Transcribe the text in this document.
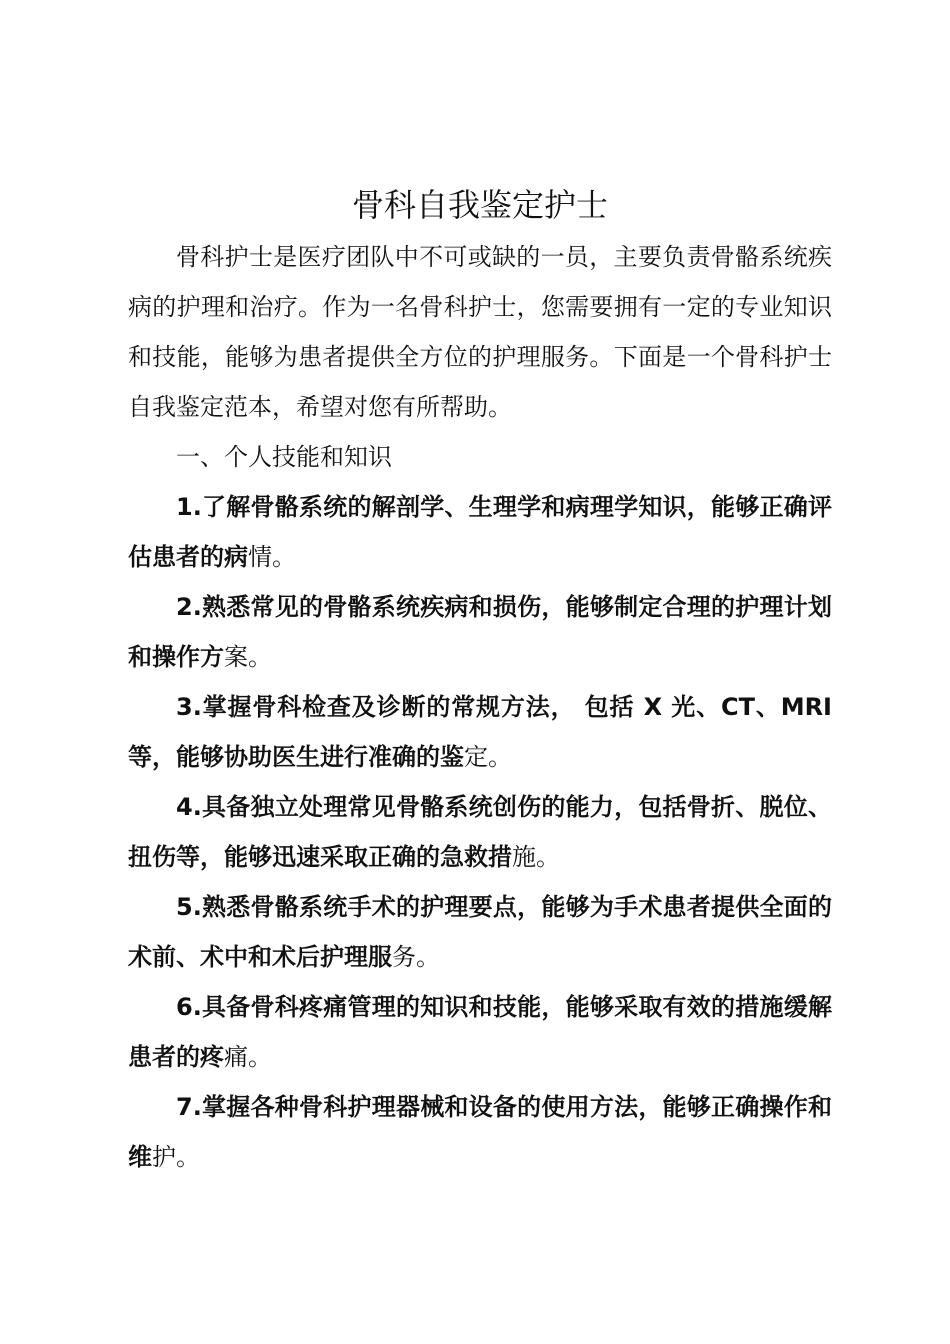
骨科自我鉴定护士

骨科护士是医疗团队中不可或缺的一员，主要负责骨骼系统疾病的护理和治疗。作为一名骨科护士，您需要拥有一定的专业知识和技能，能够为患者提供全方位的护理服务。下面是一个骨科护士自我鉴定范本，希望对您有所帮助。

一、个人技能和知识

1.了解骨骼系统的解剖学、生理学和病理学知识，能够正确评估患者的病情。

2.熟悉常见的骨骼系统疾病和损伤，能够制定合理的护理计划和操作方案。

3.掌握骨科检查及诊断的常规方法， 包括 X 光、CT、MRI 等，能够协助医生进行准确的鉴定。

4.具备独立处理常见骨骼系统创伤的能力，包括骨折、脱位、扭伤等，能够迅速采取正确的急救措施。

5.熟悉骨骼系统手术的护理要点，能够为手术患者提供全面的术前、术中和术后护理服务。

6.具备骨科疼痛管理的知识和技能，能够采取有效的措施缓解患者的疼痛。

7.掌握各种骨科护理器械和设备的使用方法，能够正确操作和维护。
